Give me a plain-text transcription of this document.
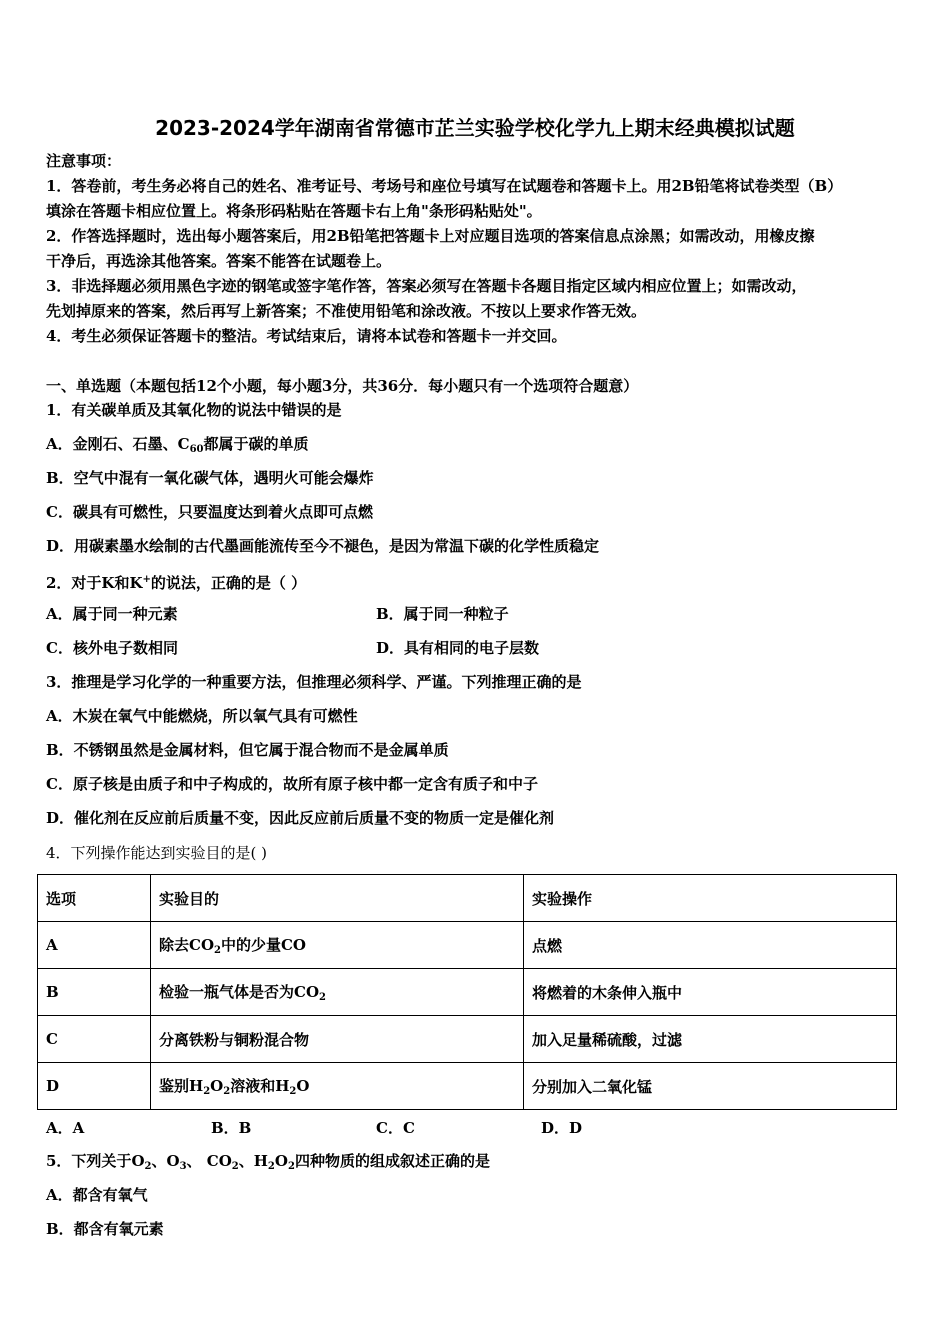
2023-2024学年湖南省常德市芷兰实验学校化学九上期末经典模拟试题
注意事项：
1．答卷前，考生务必将自己的姓名、准考证号、考场号和座位号填写在试题卷和答题卡上。用2B铅笔将试卷类型（B）
填涂在答题卡相应位置上。将条形码粘贴在答题卡右上角"条形码粘贴处"。
2．作答选择题时，选出每小题答案后，用2B铅笔把答题卡上对应题目选项的答案信息点涂黑；如需改动，用橡皮擦
干净后，再选涂其他答案。答案不能答在试题卷上。
3．非选择题必须用黑色字迹的钢笔或签字笔作答，答案必须写在答题卡各题目指定区域内相应位置上；如需改动，
先划掉原来的答案，然后再写上新答案；不准使用铅笔和涂改液。不按以上要求作答无效。
4．考生必须保证答题卡的整洁。考试结束后，请将本试卷和答题卡一并交回。
一、单选题（本题包括12个小题，每小题3分，共36分．每小题只有一个选项符合题意）
1．有关碳单质及其氧化物的说法中错误的是
A．金刚石、石墨、$C_{60}$都属于碳的单质
B．空气中混有一氧化碳气体，遇明火可能会爆炸
C．碳具有可燃性，只要温度达到着火点即可点燃
D．用碳素墨水绘制的古代墨画能流传至今不褪色，是因为常温下碳的化学性质稳定
2．对于K和K+的说法，正确的是（ ）
A．属于同一种元素	B．属于同一种粒子
C．核外电子数相同	D．具有相同的电子层数
3．推理是学习化学的一种重要方法，但推理必须科学、严谨。下列推理正确的是
A．木炭在氧气中能燃烧，所以氧气具有可燃性
B．不锈钢虽然是金属材料，但它属于混合物而不是金属单质
C．原子核是由质子和中子构成的，故所有原子核中都一定含有质子和中子
D．催化剂在反应前后质量不变，因此反应前后质量不变的物质一定是催化剂
4．下列操作能达到实验目的是( )
选项	实验目的	实验操作
A	除去$CO_2$中的少量CO	点燃
B	检验一瓶气体是否为$CO_2$	将燃着的木条伸入瓶中
C	分离铁粉与铜粉混合物	加入足量稀硫酸，过滤
D	鉴别$H_2O_2$溶液和$H_2O$	分别加入二氧化锰
A．A	B．B	C．C	D．D
5．下列关于$O_2$、$O_3$、 $CO_2$、$H_2O_2$四种物质的组成叙述正确的是
A．都含有氧气
B．都含有氧元素
